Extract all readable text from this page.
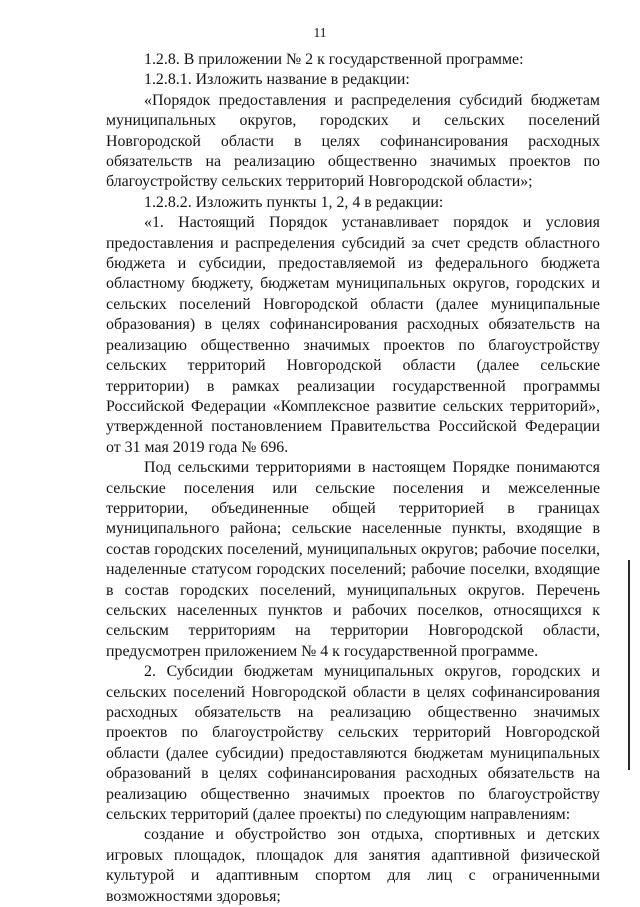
11

1.2.8. В приложении № 2 к государственной программе:

1.2.8.1. Изложить название в редакции:

«Порядок предоставления и распределения субсидий бюджетам муниципальных округов, городских и сельских поселений Новгородской области в целях софинансирования расходных обязательств на реализацию общественно значимых проектов по благоустройству сельских территорий Новгородской области»;

1.2.8.2. Изложить пункты 1, 2, 4 в редакции:

«1. Настоящий Порядок устанавливает порядок и условия предоставления и распределения субсидий за счет средств областного бюджета и субсидии, предоставляемой из федерального бюджета областному бюджету, бюджетам муниципальных округов, городских и сельских поселений Новгородской области (далее муниципальные образования) в целях софинансирования расходных обязательств на реализацию общественно значимых проектов по благоустройству сельских территорий Новгородской области (далее сельские территории) в рамках реализации государственной программы Российской Федерации «Комплексное развитие сельских территорий», утвержденной постановлением Правительства Российской Федерации от 31 мая 2019 года № 696.

Под сельскими территориями в настоящем Порядке понимаются сельские поселения или сельские поселения и межселенные территории, объединенные общей территорией в границах муниципального района; сельские населенные пункты, входящие в состав городских поселений, муниципальных округов; рабочие поселки, наделенные статусом городских поселений; рабочие поселки, входящие в состав городских поселений, муниципальных округов. Перечень сельских населенных пунктов и рабочих поселков, относящихся к сельским территориям на территории Новгородской области, предусмотрен приложением № 4 к государственной программе.

2. Субсидии бюджетам муниципальных округов, городских и сельских поселений Новгородской области в целях софинансирования расходных обязательств на реализацию общественно значимых проектов по благоустройству сельских территорий Новгородской области (далее субсидии) предоставляются бюджетам муниципальных образований в целях софинансирования расходных обязательств на реализацию общественно значимых проектов по благоустройству сельских территорий (далее проекты) по следующим направлениям:

создание и обустройство зон отдыха, спортивных и детских игровых площадок, площадок для занятия адаптивной физической культурой и адаптивным спортом для лиц с ограниченными возможностями здоровья;
